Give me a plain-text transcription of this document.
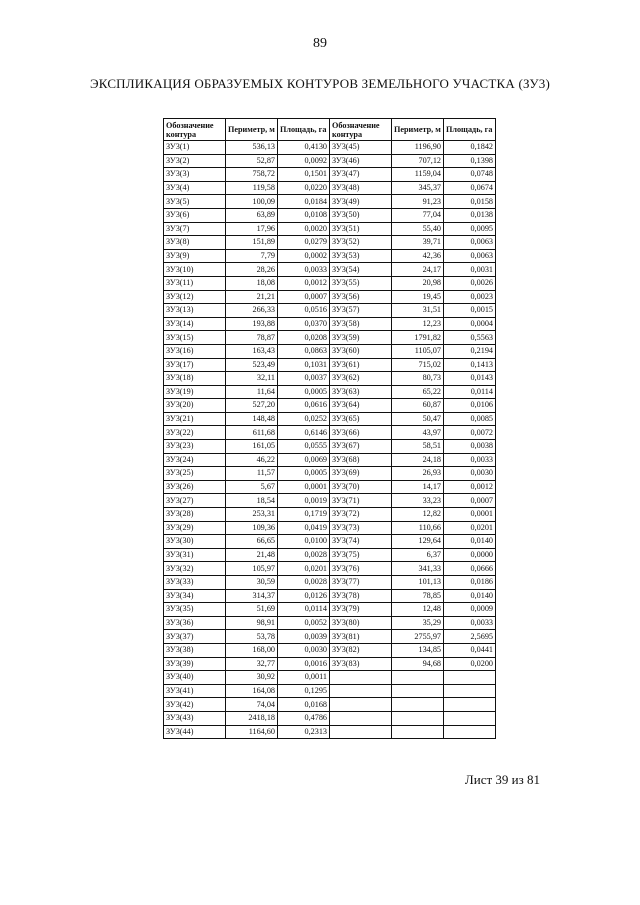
89
ЭКСПЛИКАЦИЯ ОБРАЗУЕМЫХ КОНТУРОВ ЗЕМЕЛЬНОГО УЧАСТКА (ЗУ3)
Обозначение контура	Периметр, м	Площадь, га	Обозначение контура	Периметр, м	Площадь, га
ЗУ3(1)	536,13	0,4130	ЗУ3(45)	1196,90	0,1842
ЗУ3(2)	52,87	0,0092	ЗУ3(46)	707,12	0,1398
ЗУ3(3)	758,72	0,1501	ЗУ3(47)	1159,04	0,0748
ЗУ3(4)	119,58	0,0220	ЗУ3(48)	345,37	0,0674
ЗУ3(5)	100,09	0,0184	ЗУ3(49)	91,23	0,0158
ЗУ3(6)	63,89	0,0108	ЗУ3(50)	77,04	0,0138
ЗУ3(7)	17,96	0,0020	ЗУ3(51)	55,40	0,0095
ЗУ3(8)	151,89	0,0279	ЗУ3(52)	39,71	0,0063
ЗУ3(9)	7,79	0,0002	ЗУ3(53)	42,36	0,0063
ЗУ3(10)	28,26	0,0033	ЗУ3(54)	24,17	0,0031
ЗУ3(11)	18,08	0,0012	ЗУ3(55)	20,98	0,0026
ЗУ3(12)	21,21	0,0007	ЗУ3(56)	19,45	0,0023
ЗУ3(13)	266,33	0,0516	ЗУ3(57)	31,51	0,0015
ЗУ3(14)	193,88	0,0370	ЗУ3(58)	12,23	0,0004
ЗУ3(15)	78,87	0,0208	ЗУ3(59)	1791,82	0,5563
ЗУ3(16)	163,43	0,0863	ЗУ3(60)	1105,07	0,2194
ЗУ3(17)	523,49	0,1031	ЗУ3(61)	715,02	0,1413
ЗУ3(18)	32,11	0,0037	ЗУ3(62)	80,73	0,0143
ЗУ3(19)	11,64	0,0005	ЗУ3(63)	65,22	0,0114
ЗУ3(20)	527,20	0,0616	ЗУ3(64)	60,87	0,0106
ЗУ3(21)	148,48	0,0252	ЗУ3(65)	50,47	0,0085
ЗУ3(22)	611,68	0,6146	ЗУ3(66)	43,97	0,0072
ЗУ3(23)	161,05	0,0555	ЗУ3(67)	58,51	0,0038
ЗУ3(24)	46,22	0,0069	ЗУ3(68)	24,18	0,0033
ЗУ3(25)	11,57	0,0005	ЗУ3(69)	26,93	0,0030
ЗУ3(26)	5,67	0,0001	ЗУ3(70)	14,17	0,0012
ЗУ3(27)	18,54	0,0019	ЗУ3(71)	33,23	0,0007
ЗУ3(28)	253,31	0,1719	ЗУ3(72)	12,82	0,0001
ЗУ3(29)	109,36	0,0419	ЗУ3(73)	110,66	0,0201
ЗУ3(30)	66,65	0,0100	ЗУ3(74)	129,64	0,0140
ЗУ3(31)	21,48	0,0028	ЗУ3(75)	6,37	0,0000
ЗУ3(32)	105,97	0,0201	ЗУ3(76)	341,33	0,0666
ЗУ3(33)	30,59	0,0028	ЗУ3(77)	101,13	0,0186
ЗУ3(34)	314,37	0,0126	ЗУ3(78)	78,85	0,0140
ЗУ3(35)	51,69	0,0114	ЗУ3(79)	12,48	0,0009
ЗУ3(36)	98,91	0,0052	ЗУ3(80)	35,29	0,0033
ЗУ3(37)	53,78	0,0039	ЗУ3(81)	2755,97	2,5695
ЗУ3(38)	168,00	0,0030	ЗУ3(82)	134,85	0,0441
ЗУ3(39)	32,77	0,0016	ЗУ3(83)	94,68	0,0200
ЗУ3(40)	30,92	0,0011			
ЗУ3(41)	164,08	0,1295			
ЗУ3(42)	74,04	0,0168			
ЗУ3(43)	2418,18	0,4786			
ЗУ3(44)	1164,60	0,2313			
Лист 39 из 81
